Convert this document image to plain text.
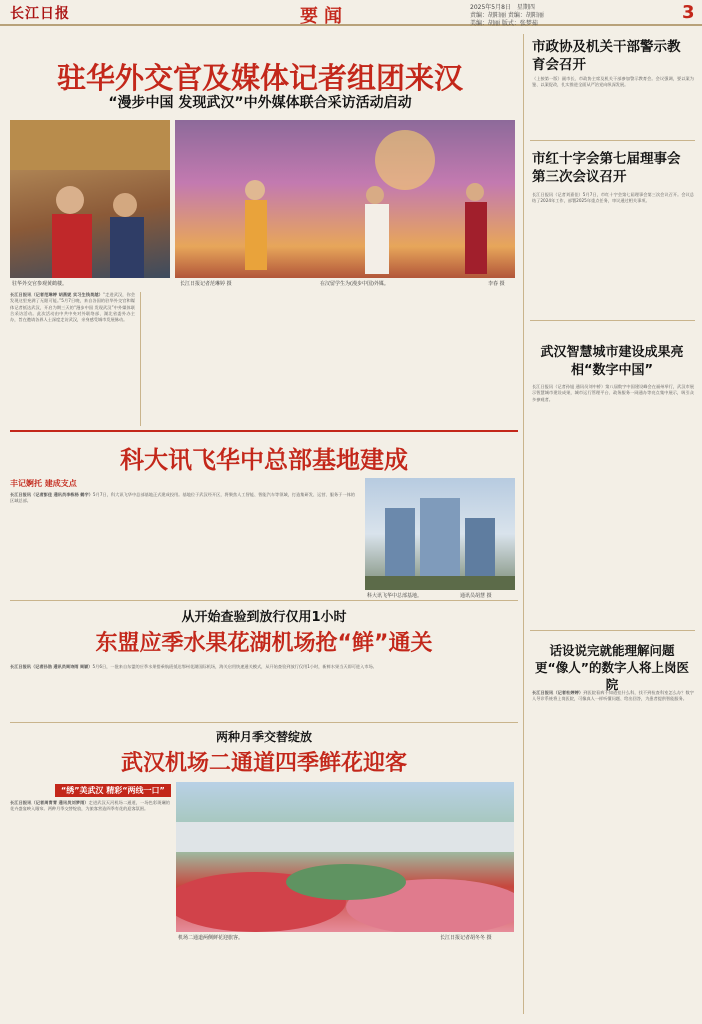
长江日报	要闻	2025年5月8日　星期四
责编：胡阳丽 责编：胡阳丽
美编：胡丽 版式：张梦茹
3
驻华外交官及媒体记者组团来汉
“漫步中国 发现武汉”中外媒体联合采访活动启动
驻华外交官参观黄鹤楼。	长江日报记者范琳婷 摄	在汉留学生为(漫步中国)外媒。	李春 摄
长江日报讯（记者范琳婷 胡燕妮 实习生钱昊越）“走进武汉，你会发现这里充满了无限可能。”5月7日晚，来自各国的驻华外交官和媒体记者抵达武汉，开启为期三天的“漫步中国 发现武汉”中外媒体联合采访活动。此次活动由中共中央对外联络部、湖北省委外办主办，旨在邀请各界人士深度走访武汉，亲身感受城市发展脉动。
市政协及机关干部警示教育会召开
（上接第一版）副市长、市政协主席及机关干部参加警示教育会。会议强调，要以案为鉴、以案促改，扎实推进全面从严治党向纵深发展。
市红十字会第七届理事会第三次会议召开
长江日报讯（记者刘嘉佳）5月7日，市红十字会第七届理事会第三次会议召开。会议总结了2024年工作，部署2025年重点任务，审议通过相关事项。
武汉智慧城市建设成果亮相“数字中国”
长江日报讯（记者孙旭 通讯员刘中桥）第八届数字中国建设峰会在福州举行，武汉市展示智慧城市建设成果，城市运行管理平台、政务服务一网通办等亮点集中展示，吸引众多参观者。
科大讯飞华中总部基地建成
丰记婀托 建成支点
长江日报讯（记者彭佳 通讯员李栋杨 鹤宇）5月7日，科大讯飞华中总部基地正式建成投用。基地位于武汉经开区，将聚焦人工智能、智能汽车等领域，打造集研发、运营、服务于一体的区域总部。
科大讯飞华中总部基地。	通讯员胡慧 摄
从开始查验到放行仅用1小时
东盟应季水果花湖机场抢“鲜”通关
长江日报讯（记者孙浩 通讯员周诗雨 周颖）5月6日，一批来自东盟的应季水果搭乘航班抵达鄂州花湖国际机场，海关启用快速通关模式，从开始查验到放行仅用1小时，新鲜水果当天即可进入市场。
两种月季交替绽放
武汉机场二通道四季鲜花迎客
“绣”美武汉 精彩“两线一口”
长江日报讯（记者周青青 通讯员刘梦雨）走进武汉天河机场二通道，一场色彩斑斓的花卉盛宴映入眼帘。两种月季交替绽放，为旅客营造四季有花的迎客氛围。
机场二通道两侧鲜花迎旅客。	长江日报记者胡冬冬 摄
话设说完就能理解问题 更“像人”的数字人将上岗医院
长江日报讯（记者杜婷婷）到医院看病不知道挂什么科，找不到检查科室怎么办？数字人导诊系统将上岗医院，可像真人一样听懂问题、给出回答，为患者提供智能服务。
